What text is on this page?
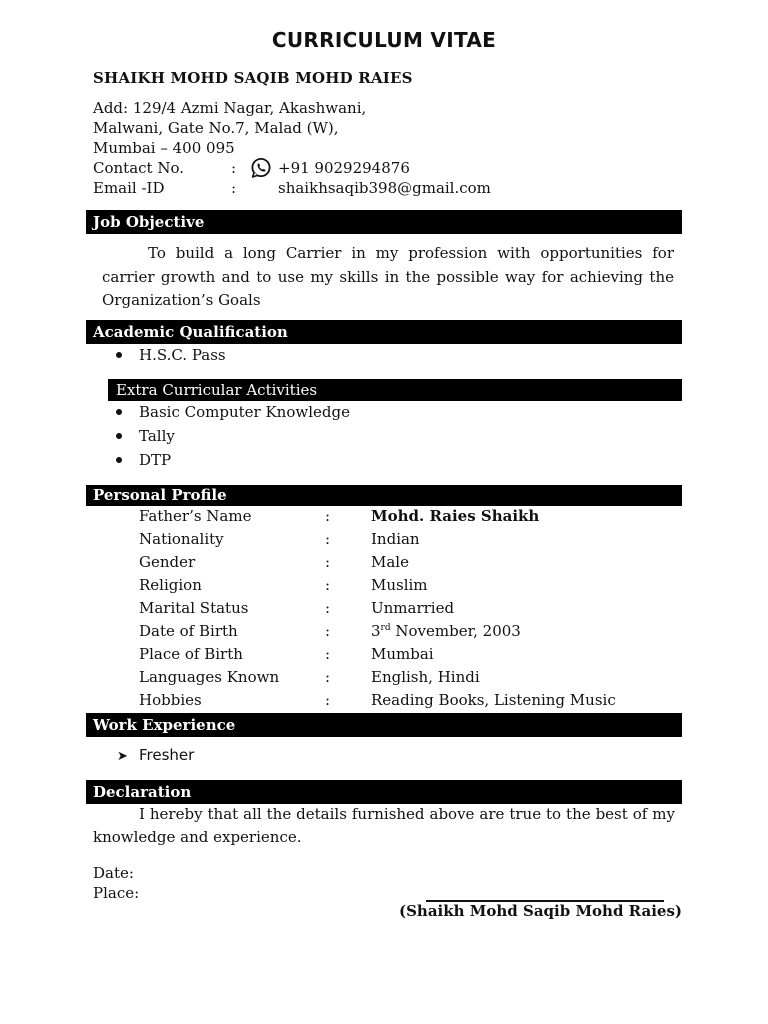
CURRICULUM VITAE
SHAIKH MOHD SAQIB MOHD RAIES
Add: 129/4 Azmi Nagar, Akashwani,
Malwani, Gate No.7, Malad (W),
Mumbai – 400 095
Contact No.	:	+91 9029294876
Email -ID	:	shaikhsaqib398@gmail.com
Job Objective
To build a long Carrier in my profession with opportunities for carrier growth and to use my skills in the possible way for achieving the Organization’s Goals
Academic Qualification
H.S.C. Pass
Extra Curricular Activities
Basic Computer Knowledge
Tally
DTP
Personal Profile
Father’s Name	:	Mohd. Raies Shaikh
Nationality	:	Indian
Gender	:	Male
Religion	:	Muslim
Marital Status	:	Unmarried
Date of Birth	:	3rd November, 2003
Place of Birth	:	Mumbai
Languages Known	:	English, Hindi
Hobbies	:	Reading Books, Listening Music
Work Experience
➤ Fresher
Declaration
I hereby that all the details furnished above are true to the best of my knowledge and experience.
Date:
Place:
(Shaikh Mohd Saqib Mohd Raies)
